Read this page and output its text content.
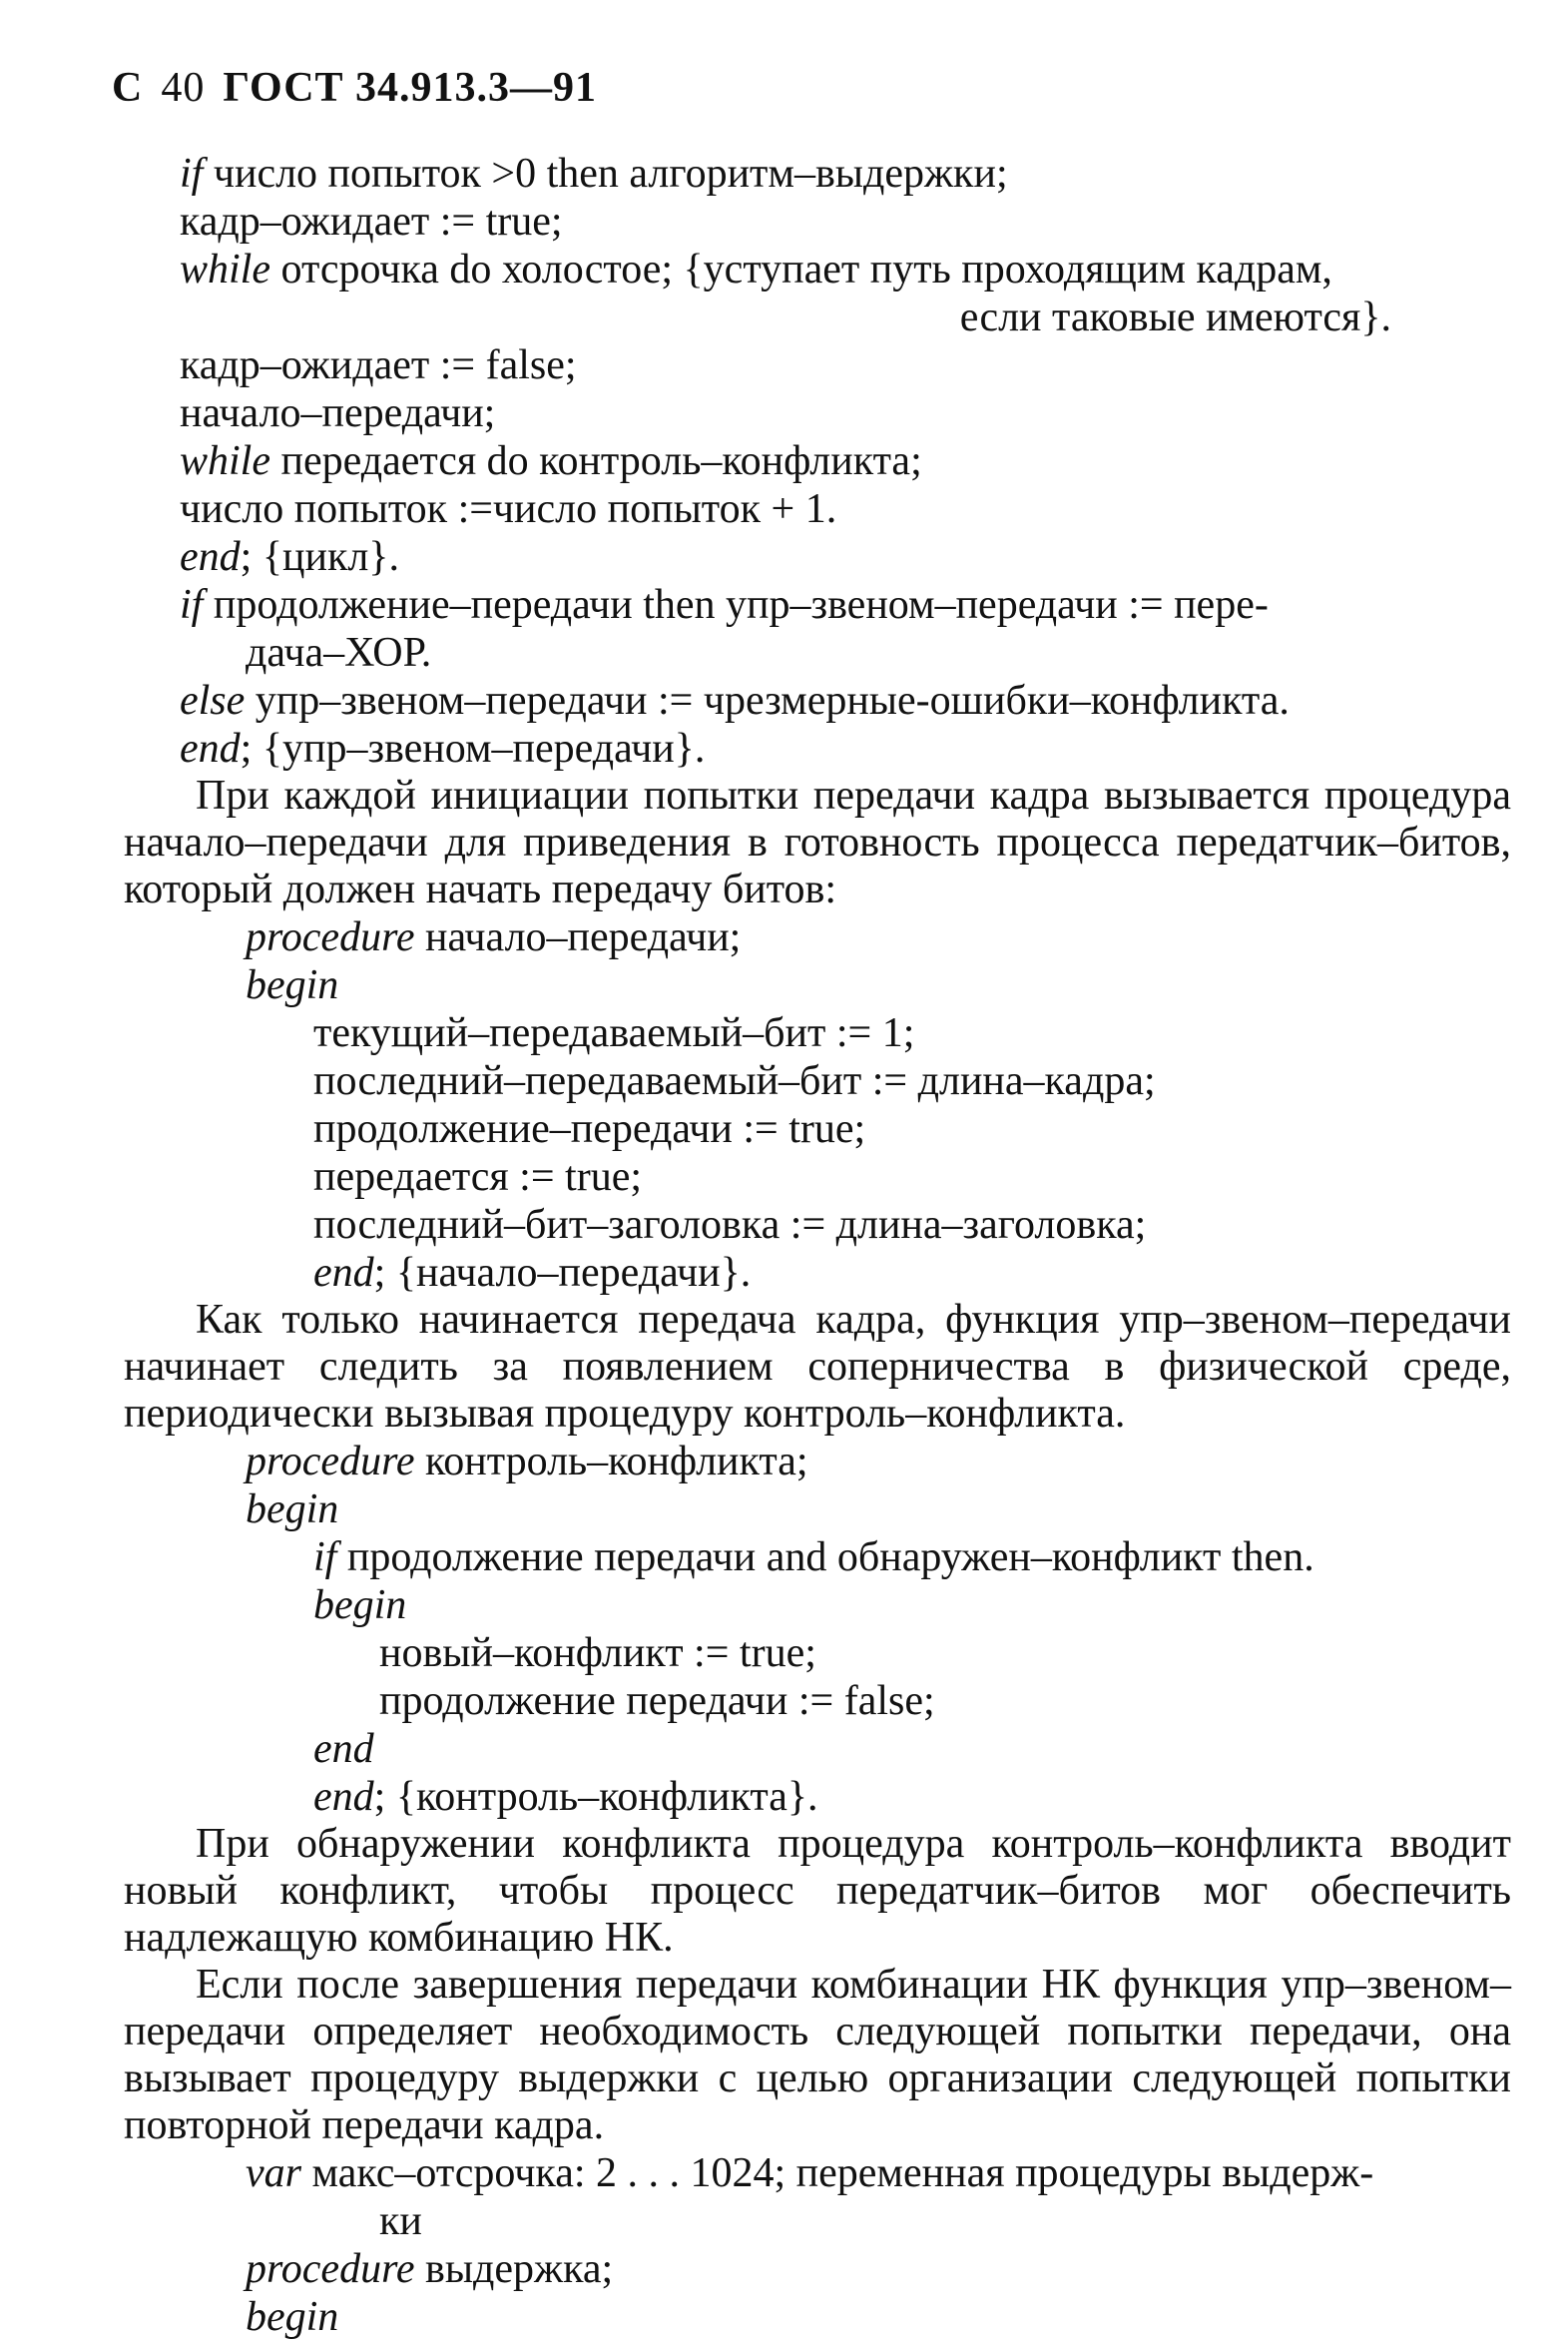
С 40 ГОСТ 34.913.3—91
if число попыток >0 then алгоритм–выдержки;
кадр–ожидает := true;
while отсрочка do холостое; {уступает путь проходящим кадрам,
если таковые имеются}.
кадр–ожидает := false;
начало–передачи;
while передается do контроль–конфликта;
число попыток :=число попыток + 1.
end; {цикл}.
if продолжение–передачи then упр–звеном–передачи := пере-
дача–ХОР.
else упр–звеном–передачи := чрезмерные-ошибки–конфликта.
end; {упр–звеном–передачи}.

При каждой инициации попытки передачи кадра вызывается процедура начало–передачи для приведения в готовность процесса передатчик–битов, который должен начать передачу битов:

procedure начало–передачи;
begin
текущий–передаваемый–бит := 1;
последний–передаваемый–бит := длина–кадра;
продолжение–передачи := true;
передается := true;
последний–бит–заголовка := длина–заголовка;
end; {начало–передачи}.

Как только начинается передача кадра, функция упр–звеном–передачи начинает следить за появлением соперничества в физической среде, периодически вызывая процедуру контроль–конфликта.

procedure контроль–конфликта;
begin
if продолжение передачи and обнаружен–конфликт then.
begin
новый–конфликт := true;
продолжение передачи := false;
end
end; {контроль–конфликта}.

При обнаружении конфликта процедура контроль–конфликта вводит новый конфликт, чтобы процесс передатчик–битов мог обеспечить надлежащую комбинацию НК.

Если после завершения передачи комбинации НК функция упр–звеном–передачи определяет необходимость следующей попытки передачи, она вызывает процедуру выдержки с целью организации следующей попытки повторной передачи кадра.

var макс–отсрочка: 2 . . . 1024; переменная процедуры выдерж-
ки
procedure выдержка;
begin
